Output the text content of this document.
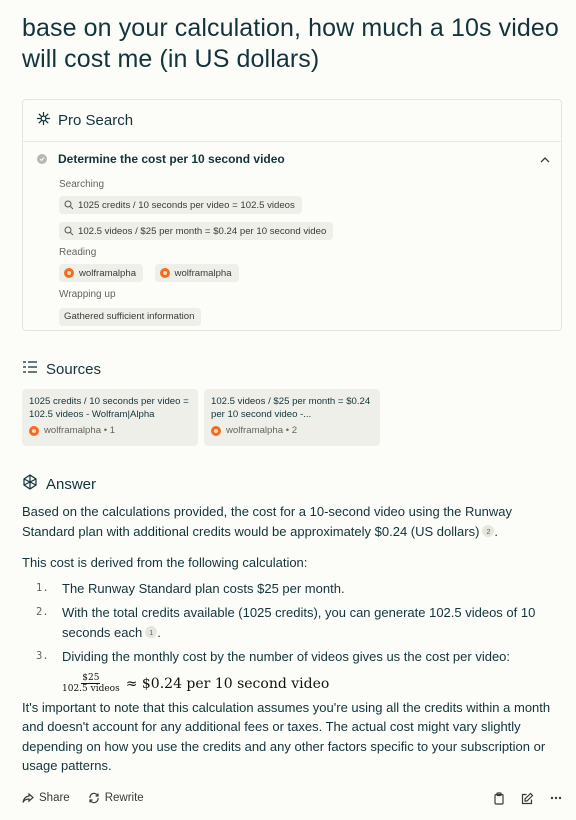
base on your calculation, how much a 10s video will cost me (in US dollars)
Pro Search
Determine the cost per 10 second video
Searching
1025 credits / 10 seconds per video = 102.5 videos
102.5 videos / $25 per month = $0.24 per 10 second video
Reading
wolframalpha
	wolframalpha
Wrapping up
Gathered sufficient information
Sources
1025 credits / 10 seconds per video = 102.5 videos - Wolfram|Alpha
wolframalpha • 1
102.5 videos / $25 per month = $0.24 per 10 second video -...
wolframalpha • 2
Answer

Based on the calculations provided, the cost for a 10-second video using the Runway Standard plan with additional credits would be approximately $0.24 (US dollars) 2 .

This cost is derived from the following calculation:

1.	The Runway Standard plan costs $25 per month.
2.	With the total credits available (1025 credits), you can generate 102.5 videos of 10 seconds each 1 .
3.	Dividing the monthly cost by the number of videos gives us the cost per video:
$\frac{\$25}{\text{102.5 videos}}$ ≈ $0.24 per 10 second video

It's important to note that this calculation assumes you're using all the credits within a month and doesn't account for any additional fees or taxes. The actual cost might vary slightly depending on how you use the credits and any other factors specific to your subscription or usage patterns.

Share	Rewrite
